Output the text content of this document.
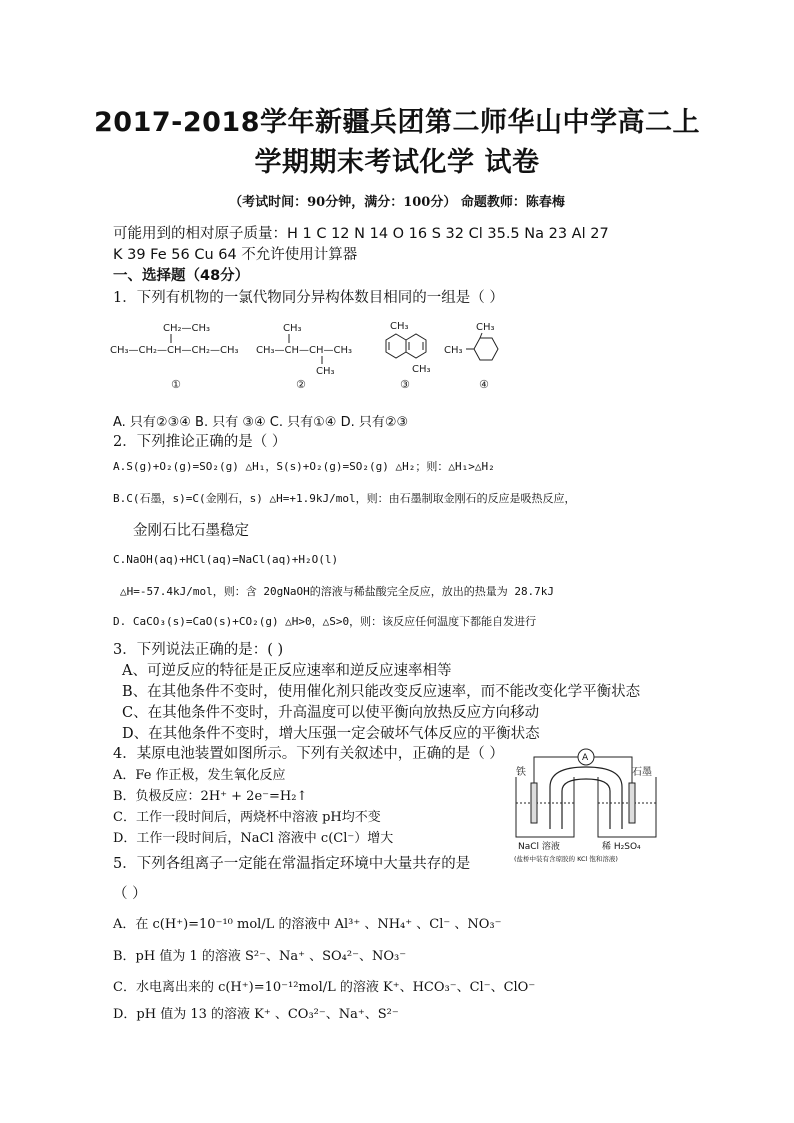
2017-2018学年新疆兵团第二师华山中学高二上
学期期末考试化学 试卷
（考试时间：90分钟，满分：100分） 命题教师：陈春梅
可能用到的相对原子质量：H 1 C 12 N 14 O 16 S 32 Cl 35.5 Na 23 Al 27
K 39 Fe 56 Cu 64 不允许使用计算器
一、选择题（48分）
1．下列有机物的一氯代物同分异构体数目相同的一组是（ ）
CH₂—CH₃
CH₃—CH₂—CH—CH₂—CH₃
①
CH₃
CH₃—CH—CH—CH₃
CH₃
②
CH₃
CH₃
③
CH₃
CH₃
④
A. 只有②③④ B. 只有 ③④ C. 只有①④ D. 只有②③
2．下列推论正确的是（ ）
A.S(g)+O₂(g)=SO₂(g) △H₁，S(s)+O₂(g)=SO₂(g) △H₂；则：△H₁>△H₂
B.C(石墨，s)=C(金刚石，s) △H=+1.9kJ/mol，则：由石墨制取金刚石的反应是吸热反应，
金刚石比石墨稳定
C.NaOH(aq)+HCl(aq)=NaCl(aq)+H₂O(l)
△H=-57.4kJ/mol，则：含 20gNaOH的溶液与稀盐酸完全反应，放出的热量为 28.7kJ
D. CaCO₃(s)=CaO(s)+CO₂(g) △H>0，△S>0，则：该反应任何温度下都能自发进行
3．下列说法正确的是：( )
A、可逆反应的特征是正反应速率和逆反应速率相等
B、在其他条件不变时，使用催化剂只能改变反应速率，而不能改变化学平衡状态
C、在其他条件不变时，升高温度可以使平衡向放热反应方向移动
D、在其他条件不变时，增大压强一定会破坏气体反应的平衡状态
4．某原电池装置如图所示。下列有关叙述中，正确的是（ ）
A．Fe 作正极，发生氧化反应
B．负极反应：2H⁺ + 2e⁻=H₂↑
C．工作一段时间后，两烧杯中溶液 pH均不变
D．工作一段时间后，NaCl 溶液中 c(Cl⁻）增大
A
铁	石墨
NaCl 溶液	稀 H₂SO₄
(盐桥中装有含琼胶的 KCl 饱和溶液)
5．下列各组离子一定能在常温指定环境中大量共存的是
（ ）
A．在 c(H⁺)=10⁻¹⁰ mol/L 的溶液中 Al³⁺ 、NH₄⁺ 、Cl⁻ 、NO₃⁻
B．pH 值为 1 的溶液 S²⁻、Na⁺ 、SO₄²⁻、NO₃⁻
C．水电离出来的 c(H⁺)=10⁻¹²mol/L 的溶液 K⁺、HCO₃⁻、Cl⁻、ClO⁻
D．pH 值为 13 的溶液 K⁺ 、CO₃²⁻、Na⁺、S²⁻
